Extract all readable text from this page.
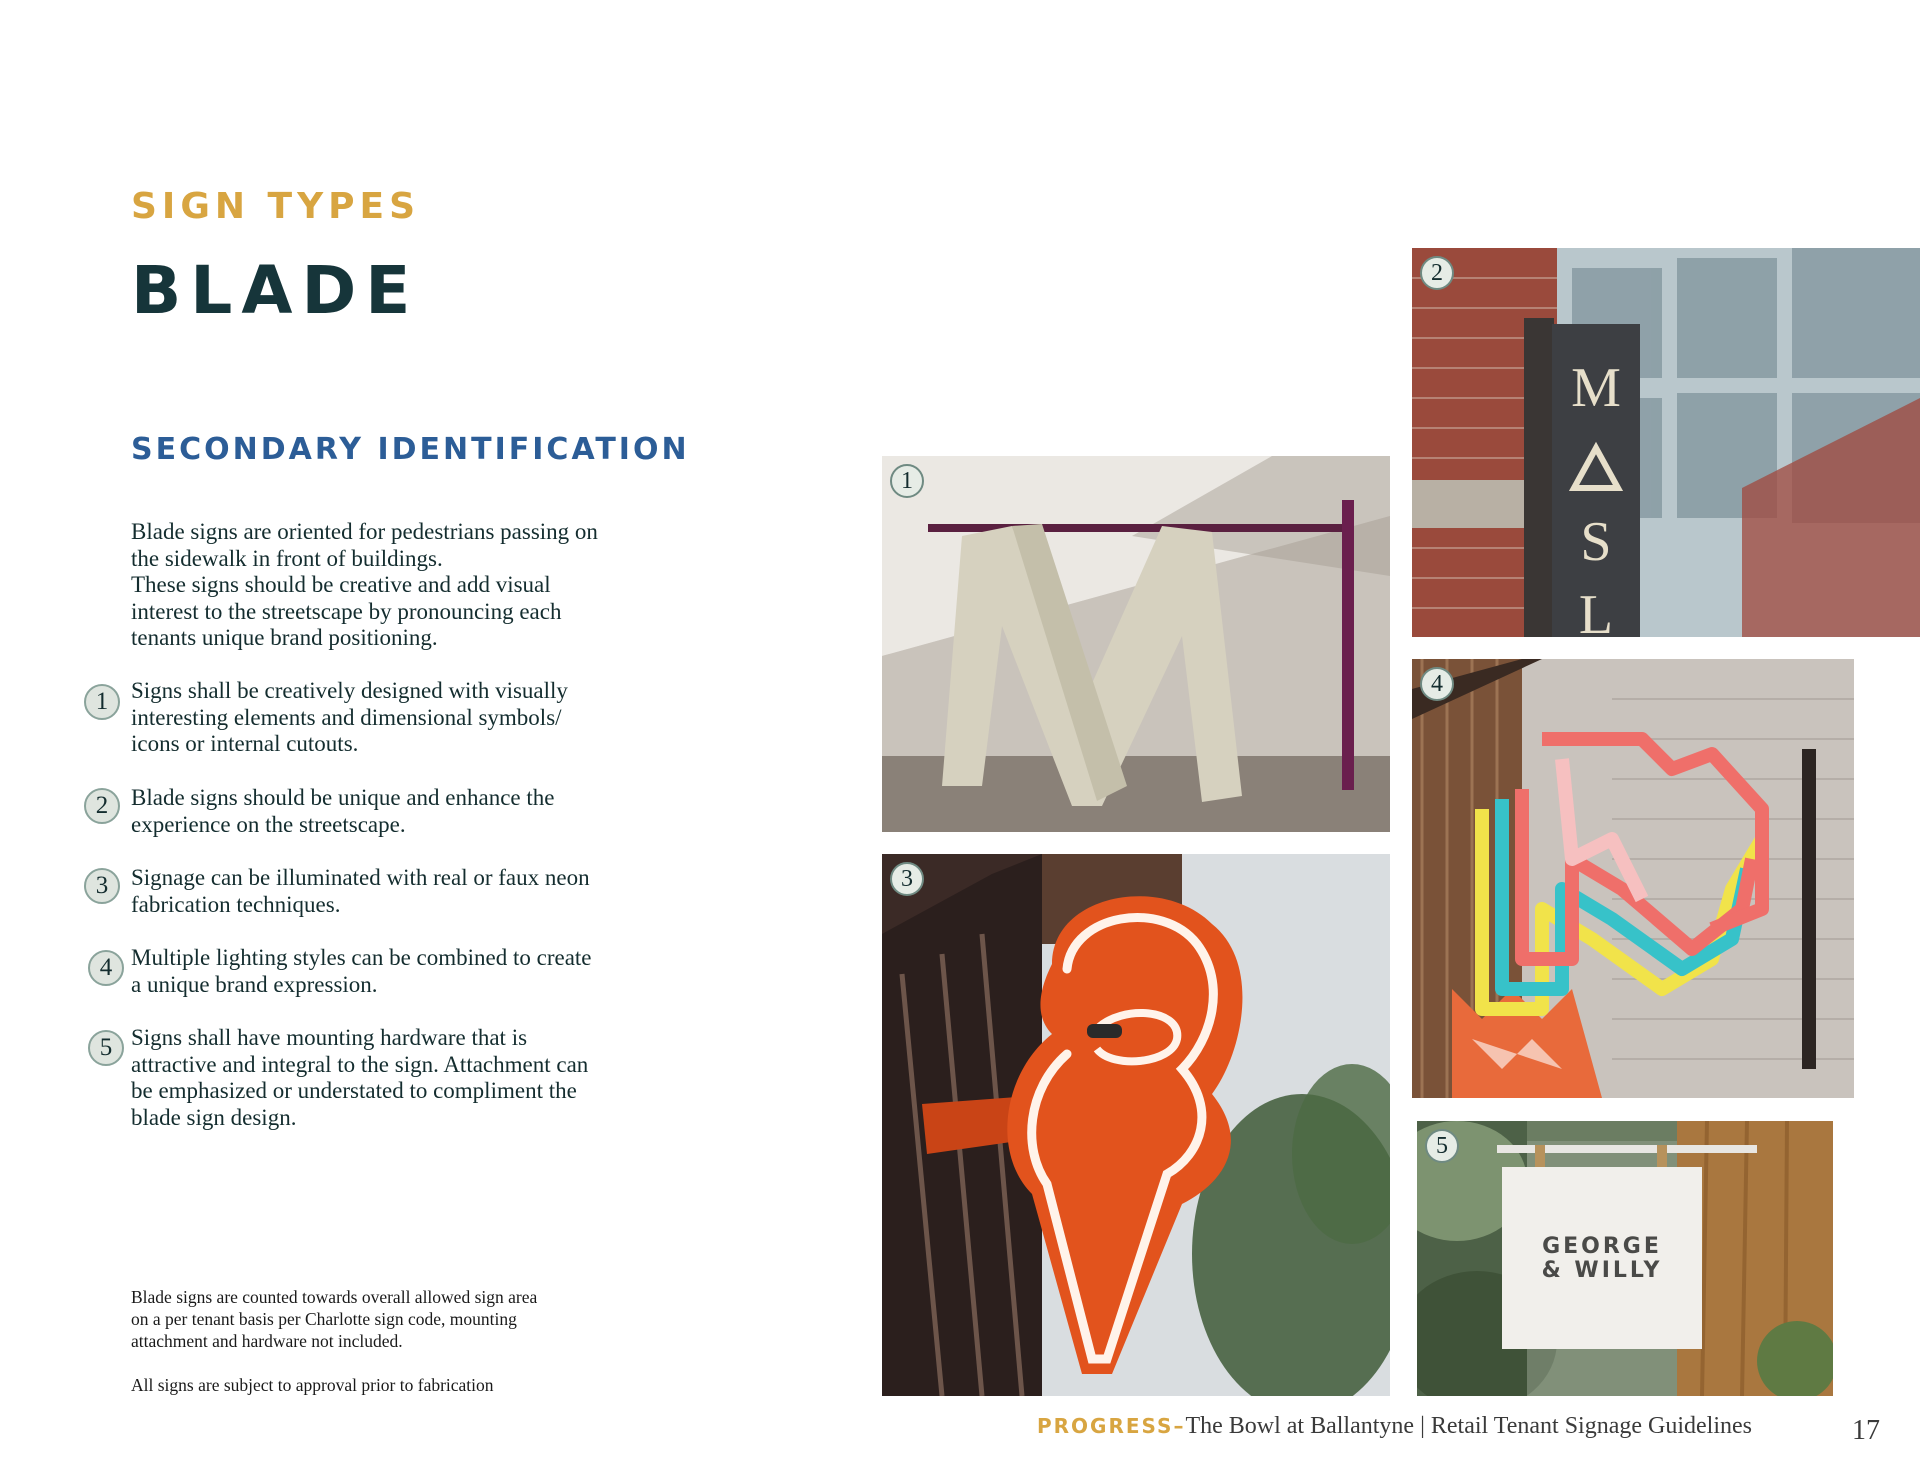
SIGN TYPES
BLADE
SECONDARY IDENTIFICATION
Blade signs are oriented for pedestrians passing on
the sidewalk in front of buildings.
These signs should be creative and add visual
interest to the streetscape by pronouncing each
tenants unique brand positioning.
1 Signs shall be creatively designed with visually
interesting elements and dimensional symbols/
icons or internal cutouts.
2 Blade signs should be unique and enhance the
experience on the streetscape.
3 Signage can be illuminated with real or faux neon
fabrication techniques.
4 Multiple lighting styles can be combined to create
a unique brand expression.
5 Signs shall have mounting hardware that is
attractive and integral to the sign. Attachment can
be emphasized or understated to compliment the
blade sign design.
Blade signs are counted towards overall allowed sign area
on a per tenant basis per Charlotte sign code, mounting
attachment and hardware not included.
All signs are subject to approval prior to fabrication
1
M
S
L
2
3
4
GEORGE
& WILLY
5
PROGRESS–The Bowl at Ballantyne | Retail Tenant Signage Guidelines	17
